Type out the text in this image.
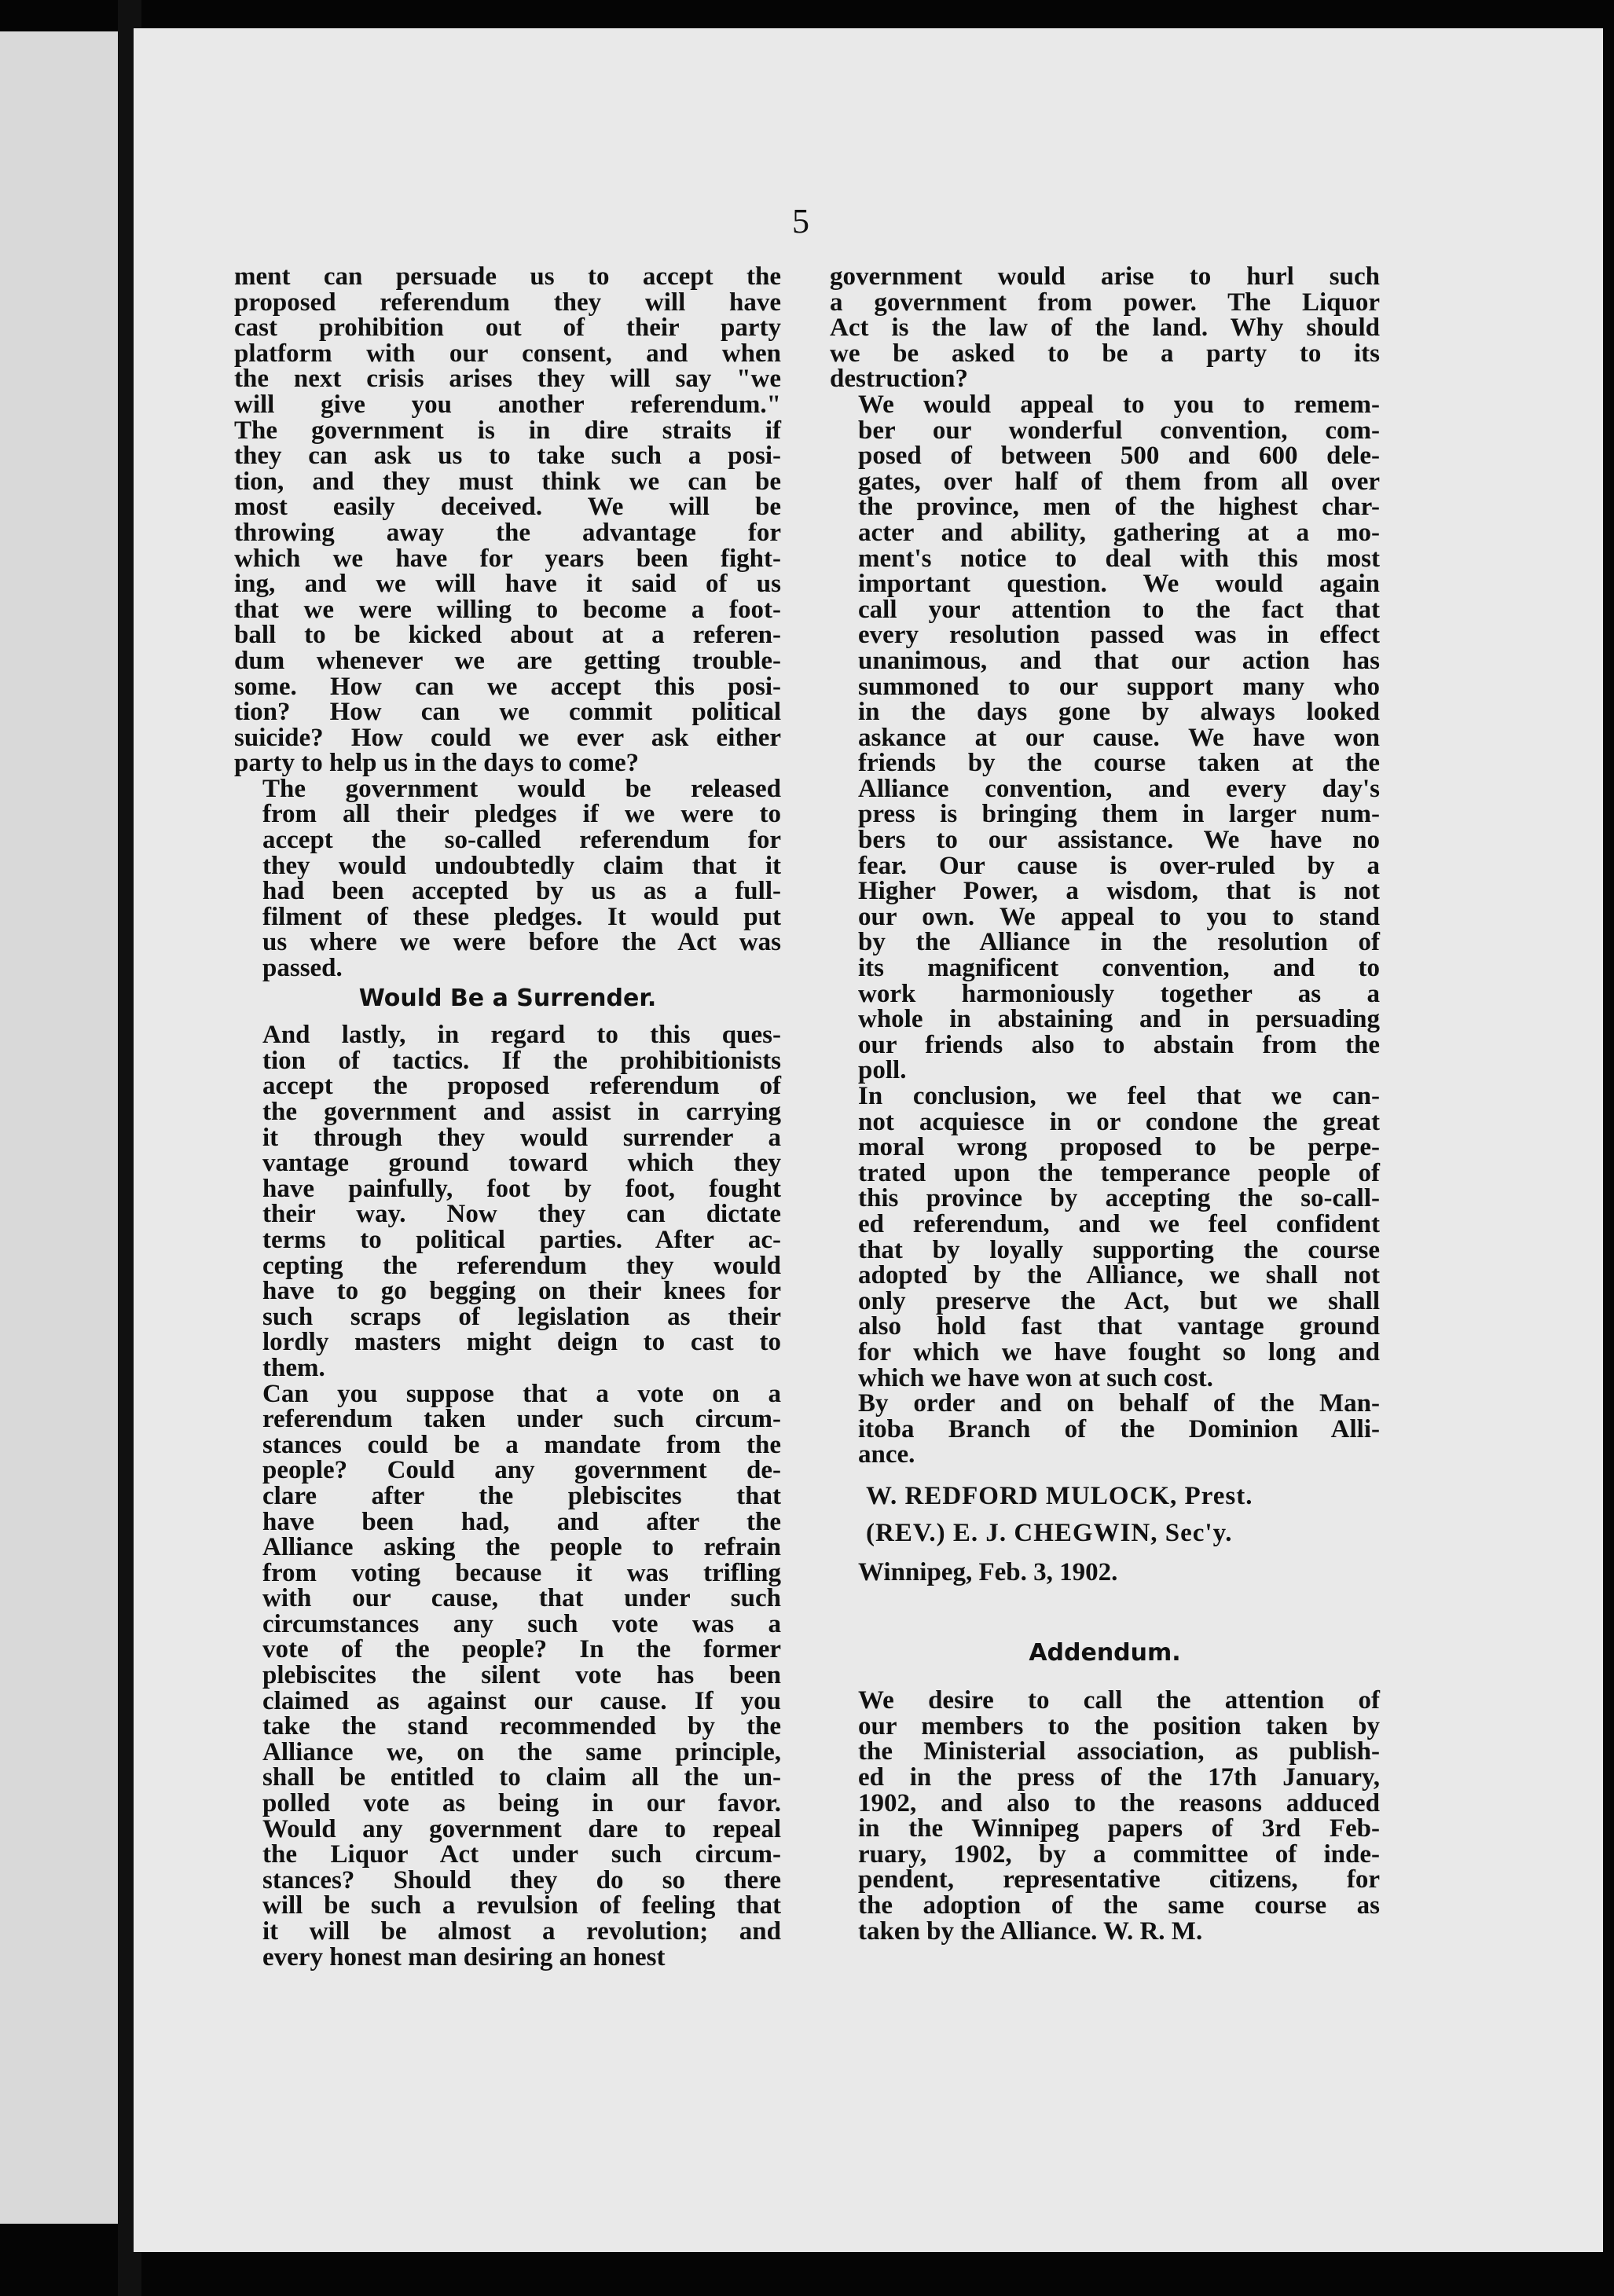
5

ment can persuade us to accept the
proposed referendum they will have
cast prohibition out of their party
platform with our consent, and when
the next crisis arises they will say "we
will give you another referendum."
The government is in dire straits if
they can ask us to take such a posi-
tion, and they must think we can be
most easily deceived. We will be
throwing away the advantage for
which we have for years been fight-
ing, and we will have it said of us
that we were willing to become a foot-
ball to be kicked about at a referen-
dum whenever we are getting trouble-
some. How can we accept this posi-
tion? How can we commit political
suicide? How could we ever ask either
party to help us in the days to come?

The government would be released
from all their pledges if we were to
accept the so-called referendum for
they would undoubtedly claim that it
had been accepted by us as a full-
filment of these pledges. It would put
us where we were before the Act was
passed.

Would Be a Surrender.

And lastly, in regard to this ques-
tion of tactics. If the prohibitionists
accept the proposed referendum of
the government and assist in carrying
it through they would surrender a
vantage ground toward which they
have painfully, foot by foot, fought
their way. Now they can dictate
terms to political parties. After ac-
cepting the referendum they would
have to go begging on their knees for
such scraps of legislation as their
lordly masters might deign to cast to
them.

Can you suppose that a vote on a
referendum taken under such circum-
stances could be a mandate from the
people? Could any government de-
clare after the plebiscites that
have been had, and after the
Alliance asking the people to refrain
from voting because it was trifling
with our cause, that under such
circumstances any such vote was a
vote of the people? In the former
plebiscites the silent vote has been
claimed as against our cause. If you
take the stand recommended by the
Alliance we, on the same principle,
shall be entitled to claim all the un-
polled vote as being in our favor.
Would any government dare to repeal
the Liquor Act under such circum-
stances? Should they do so there
will be such a revulsion of feeling that
it will be almost a revolution; and
every honest man desiring an honest

government would arise to hurl such
a government from power. The Liquor
Act is the law of the land. Why should
we be asked to be a party to its
destruction?

We would appeal to you to remem-
ber our wonderful convention, com-
posed of between 500 and 600 dele-
gates, over half of them from all over
the province, men of the highest char-
acter and ability, gathering at a mo-
ment's notice to deal with this most
important question. We would again
call your attention to the fact that
every resolution passed was in effect
unanimous, and that our action has
summoned to our support many who
in the days gone by always looked
askance at our cause. We have won
friends by the course taken at the
Alliance convention, and every day's
press is bringing them in larger num-
bers to our assistance. We have no
fear. Our cause is over-ruled by a
Higher Power, a wisdom, that is not
our own. We appeal to you to stand
by the Alliance in the resolution of
its magnificent convention, and to
work harmoniously together as a
whole in abstaining and in persuading
our friends also to abstain from the
poll.

In conclusion, we feel that we can-
not acquiesce in or condone the great
moral wrong proposed to be perpe-
trated upon the temperance people of
this province by accepting the so-call-
ed referendum, and we feel confident
that by loyally supporting the course
adopted by the Alliance, we shall not
only preserve the Act, but we shall
also hold fast that vantage ground
for which we have fought so long and
which we have won at such cost.

By order and on behalf of the Man-
itoba Branch of the Dominion Alli-
ance.

W. REDFORD MULOCK, Prest.
(REV.) E. J. CHEGWIN, Sec'y.
Winnipeg, Feb. 3, 1902.
Addendum.

We desire to call the attention of
our members to the position taken by
the Ministerial association, as publish-
ed in the press of the 17th January,
1902, and also to the reasons adduced
in the Winnipeg papers of 3rd Feb-
ruary, 1902, by a committee of inde-
pendent, representative citizens, for
the adoption of the same course as
taken by the Alliance. W. R. M.
